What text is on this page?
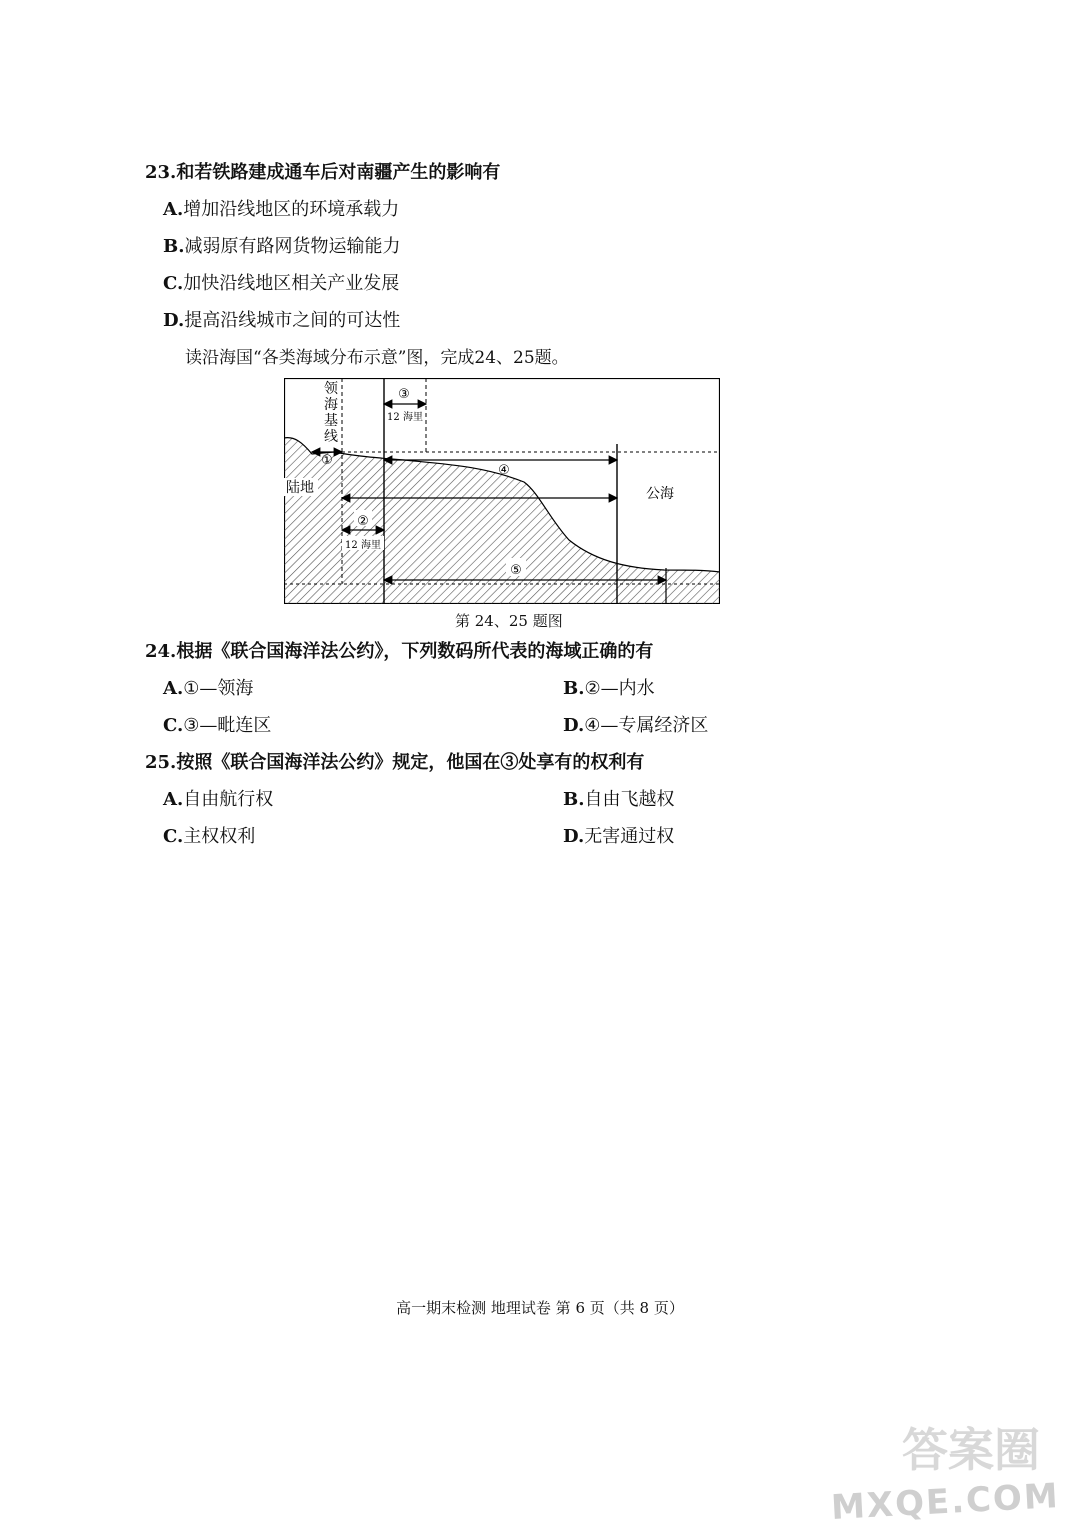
23.和若铁路建成通车后对南疆产生的影响有
A.增加沿线地区的环境承载力
B.减弱原有路网货物运输能力
C.加快沿线地区相关产业发展
D.提高沿线城市之间的可达性
读沿海国“各类海域分布示意”图，完成24、25题。
领
海
基
线
陆地	公海
①
②
③
④
⑤
12 海里
12 海里
第 24、25 题图
24.根据《联合国海洋法公约》，下列数码所代表的海域正确的有
A.①—领海	B.②—内水
C.③—毗连区	D.④—专属经济区
25.按照《联合国海洋法公约》规定，他国在③处享有的权利有
A.自由航行权	B.自由飞越权
C.主权权利	D.无害通过权
高一期末检测 地理试卷 第 6 页（共 8 页）
答案圈
MXQE.COM
